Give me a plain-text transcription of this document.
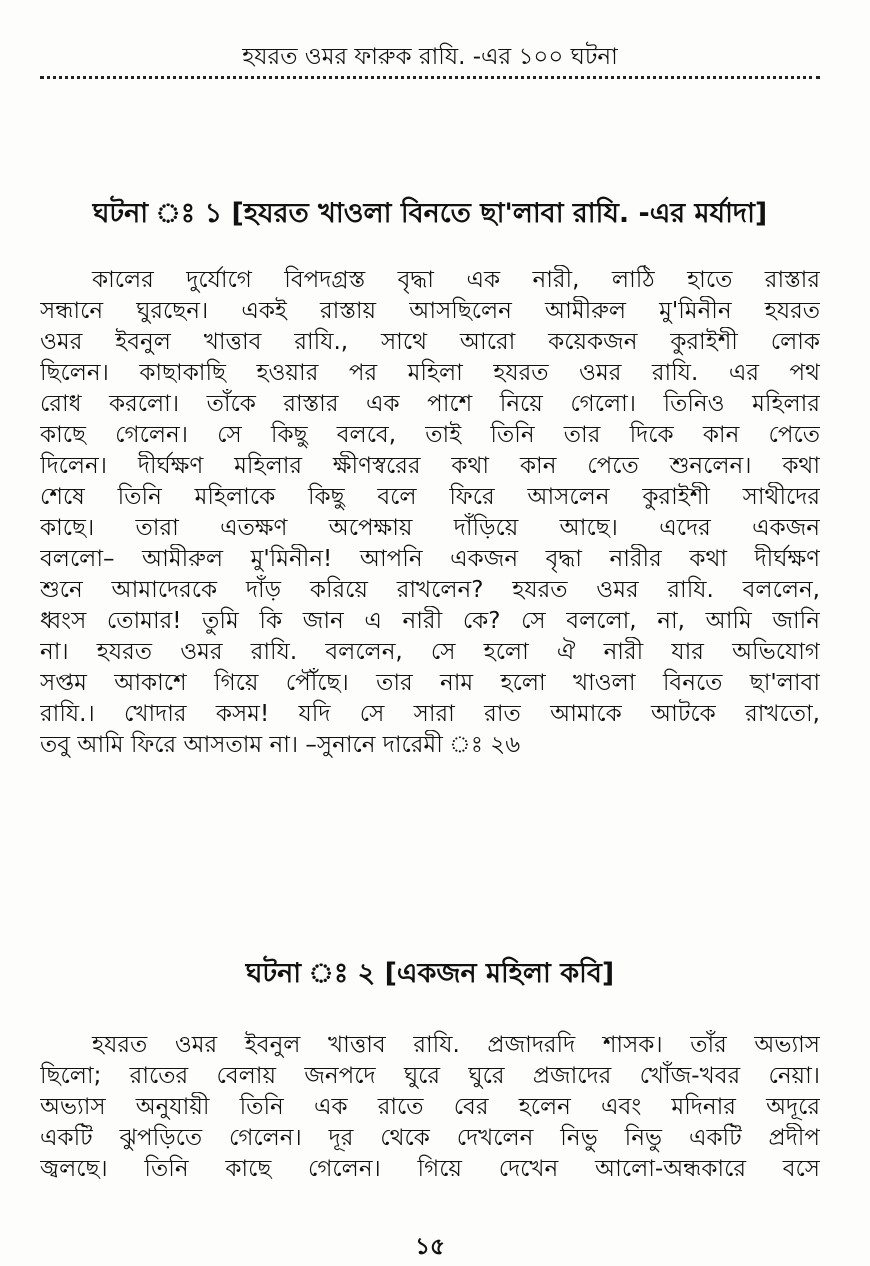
হযরত ওমর ফারুক রাযি. -এর ১০০ ঘটনা
ঘটনা ঃ ১ [হযরত খাওলা বিনতে ছা'লাবা রাযি. -এর মর্যাদা]
কালের দুর্যোগে বিপদগ্রস্ত বৃদ্ধা এক নারী, লাঠি হাতে রাস্তার
সন্ধানে ঘুরছেন। একই রাস্তায় আসছিলেন আমীরুল মু'মিনীন হযরত
ওমর ইবনুল খাত্তাব রাযি., সাথে আরো কয়েকজন কুরাইশী লোক
ছিলেন। কাছাকাছি হওয়ার পর মহিলা হযরত ওমর রাযি. এর পথ
রোধ করলো। তাঁকে রাস্তার এক পাশে নিয়ে গেলো। তিনিও মহিলার
কাছে গেলেন। সে কিছু বলবে, তাই তিনি তার দিকে কান পেতে
দিলেন। দীর্ঘক্ষণ মহিলার ক্ষীণস্বরের কথা কান পেতে শুনলেন। কথা
শেষে তিনি মহিলাকে কিছু বলে ফিরে আসলেন কুরাইশী সাথীদের
কাছে। তারা এতক্ষণ অপেক্ষায় দাঁড়িয়ে আছে। এদের একজন
বললো– আমীরুল মু'মিনীন! আপনি একজন বৃদ্ধা নারীর কথা দীর্ঘক্ষণ
শুনে আমাদেরকে দাঁড় করিয়ে রাখলেন? হযরত ওমর রাযি. বললেন,
ধ্বংস তোমার! তুমি কি জান এ নারী কে? সে বললো, না, আমি জানি
না। হযরত ওমর রাযি. বললেন, সে হলো ঐ নারী যার অভিযোগ
সপ্তম আকাশে গিয়ে পৌঁছে। তার নাম হলো খাওলা বিনতে ছা'লাবা
রাযি.। খোদার কসম! যদি সে সারা রাত আমাকে আটকে রাখতো,
তবু আমি ফিরে আসতাম না। –সুনানে দারেমী ঃ ২৬
ঘটনা ঃ ২ [একজন মহিলা কবি]
হযরত ওমর ইবনুল খাত্তাব রাযি. প্রজাদরদি শাসক। তাঁর অভ্যাস
ছিলো; রাতের বেলায় জনপদে ঘুরে ঘুরে প্রজাদের খোঁজ-খবর নেয়া।
অভ্যাস অনুযায়ী তিনি এক রাতে বের হলেন এবং মদিনার অদূরে
একটি ঝুপড়িতে গেলেন। দূর থেকে দেখলেন নিভু নিভু একটি প্রদীপ
জ্বলছে। তিনি কাছে গেলেন। গিয়ে দেখেন আলো-অন্ধকারে বসে
১৫
